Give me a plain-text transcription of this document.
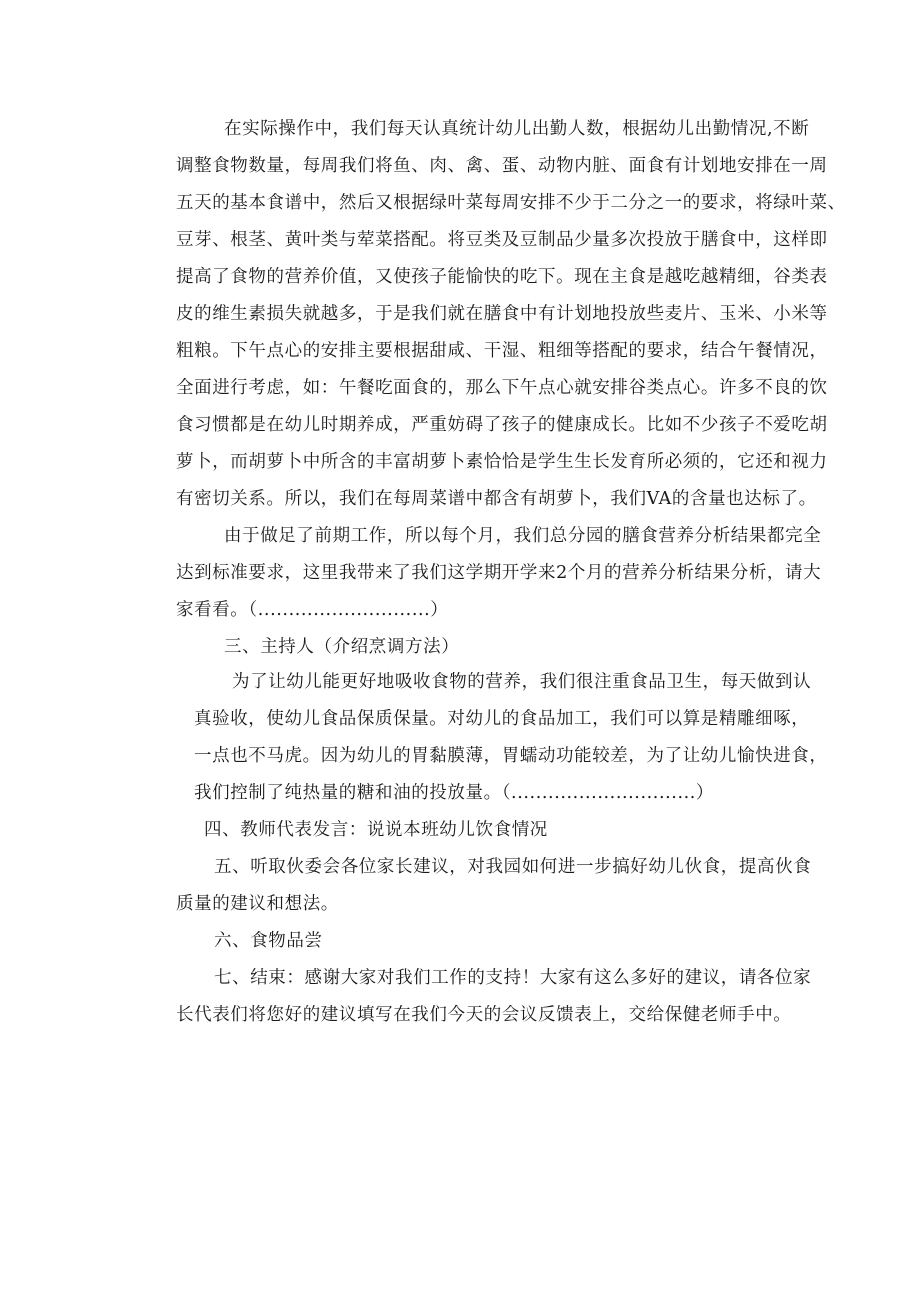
在实际操作中，我们每天认真统计幼儿出勤人数，根据幼儿出勤情况,不断
调整食物数量，每周我们将鱼、肉、禽、蛋、动物内脏、面食有计划地安排在一周
五天的基本食谱中，然后又根据绿叶菜每周安排不少于二分之一的要求，将绿叶菜、
豆芽、根茎、黄叶类与荤菜搭配。将豆类及豆制品少量多次投放于膳食中，这样即
提高了食物的营养价值，又使孩子能愉快的吃下。现在主食是越吃越精细，谷类表
皮的维生素损失就越多，于是我们就在膳食中有计划地投放些麦片、玉米、小米等
粗粮。下午点心的安排主要根据甜咸、干湿、粗细等搭配的要求，结合午餐情况，
全面进行考虑，如：午餐吃面食的，那么下午点心就安排谷类点心。许多不良的饮
食习惯都是在幼儿时期养成，严重妨碍了孩子的健康成长。比如不少孩子不爱吃胡
萝卜，而胡萝卜中所含的丰富胡萝卜素恰恰是学生生长发育所必须的，它还和视力
有密切关系。所以，我们在每周菜谱中都含有胡萝卜，我们VA的含量也达标了。
由于做足了前期工作，所以每个月，我们总分园的膳食营养分析结果都完全
达到标准要求，这里我带来了我们这学期开学来2个月的营养分析结果分析，请大
家看看。（............................）
三、主持人（介绍烹调方法）
为了让幼儿能更好地吸收食物的营养，我们很注重食品卫生，每天做到认
真验收，使幼儿食品保质保量。对幼儿的食品加工，我们可以算是精雕细啄，
一点也不马虎。因为幼儿的胃黏膜薄，胃蠕动功能较差，为了让幼儿愉快进食，
我们控制了纯热量的糖和油的投放量。（..............................）
四、教师代表发言：说说本班幼儿饮食情况
五、听取伙委会各位家长建议，对我园如何进一步搞好幼儿伙食，提高伙食
质量的建议和想法。
六、食物品尝
七、结束：感谢大家对我们工作的支持！大家有这么多好的建议，请各位家
长代表们将您好的建议填写在我们今天的会议反馈表上，交给保健老师手中。
